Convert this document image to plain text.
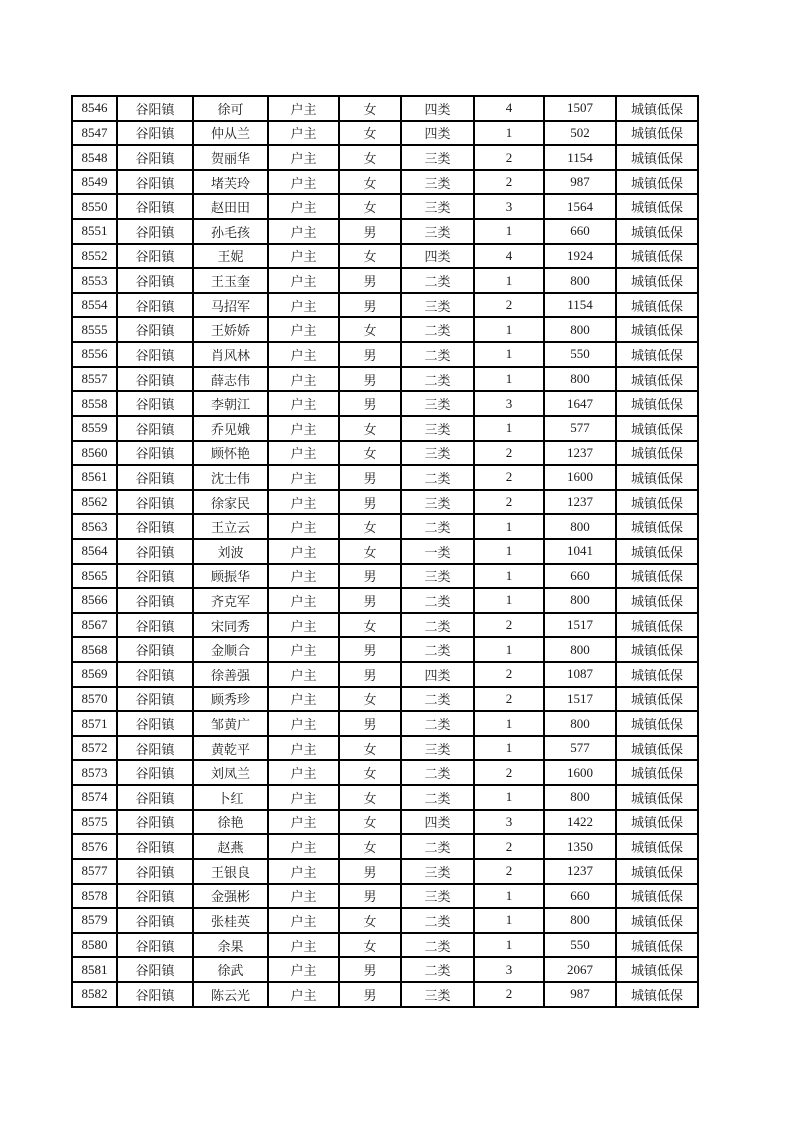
8546	谷阳镇	徐可	户主	女	四类	4	1507	城镇低保
8547	谷阳镇	仲从兰	户主	女	四类	1	502	城镇低保
8548	谷阳镇	贺丽华	户主	女	三类	2	1154	城镇低保
8549	谷阳镇	堵芙玲	户主	女	三类	2	987	城镇低保
8550	谷阳镇	赵田田	户主	女	三类	3	1564	城镇低保
8551	谷阳镇	孙毛孩	户主	男	三类	1	660	城镇低保
8552	谷阳镇	王妮	户主	女	四类	4	1924	城镇低保
8553	谷阳镇	王玉奎	户主	男	二类	1	800	城镇低保
8554	谷阳镇	马招军	户主	男	三类	2	1154	城镇低保
8555	谷阳镇	王娇娇	户主	女	二类	1	800	城镇低保
8556	谷阳镇	肖风林	户主	男	二类	1	550	城镇低保
8557	谷阳镇	薛志伟	户主	男	二类	1	800	城镇低保
8558	谷阳镇	李朝江	户主	男	三类	3	1647	城镇低保
8559	谷阳镇	乔见娥	户主	女	三类	1	577	城镇低保
8560	谷阳镇	顾怀艳	户主	女	三类	2	1237	城镇低保
8561	谷阳镇	沈士伟	户主	男	二类	2	1600	城镇低保
8562	谷阳镇	徐家民	户主	男	三类	2	1237	城镇低保
8563	谷阳镇	王立云	户主	女	二类	1	800	城镇低保
8564	谷阳镇	刘波	户主	女	一类	1	1041	城镇低保
8565	谷阳镇	顾振华	户主	男	三类	1	660	城镇低保
8566	谷阳镇	齐克军	户主	男	二类	1	800	城镇低保
8567	谷阳镇	宋同秀	户主	女	二类	2	1517	城镇低保
8568	谷阳镇	金顺合	户主	男	二类	1	800	城镇低保
8569	谷阳镇	徐善强	户主	男	四类	2	1087	城镇低保
8570	谷阳镇	顾秀珍	户主	女	二类	2	1517	城镇低保
8571	谷阳镇	邹黄广	户主	男	二类	1	800	城镇低保
8572	谷阳镇	黄乾平	户主	女	三类	1	577	城镇低保
8573	谷阳镇	刘凤兰	户主	女	二类	2	1600	城镇低保
8574	谷阳镇	卜红	户主	女	二类	1	800	城镇低保
8575	谷阳镇	徐艳	户主	女	四类	3	1422	城镇低保
8576	谷阳镇	赵燕	户主	女	二类	2	1350	城镇低保
8577	谷阳镇	王银良	户主	男	三类	2	1237	城镇低保
8578	谷阳镇	金强彬	户主	男	三类	1	660	城镇低保
8579	谷阳镇	张桂英	户主	女	二类	1	800	城镇低保
8580	谷阳镇	余果	户主	女	二类	1	550	城镇低保
8581	谷阳镇	徐武	户主	男	二类	3	2067	城镇低保
8582	谷阳镇	陈云光	户主	男	三类	2	987	城镇低保
